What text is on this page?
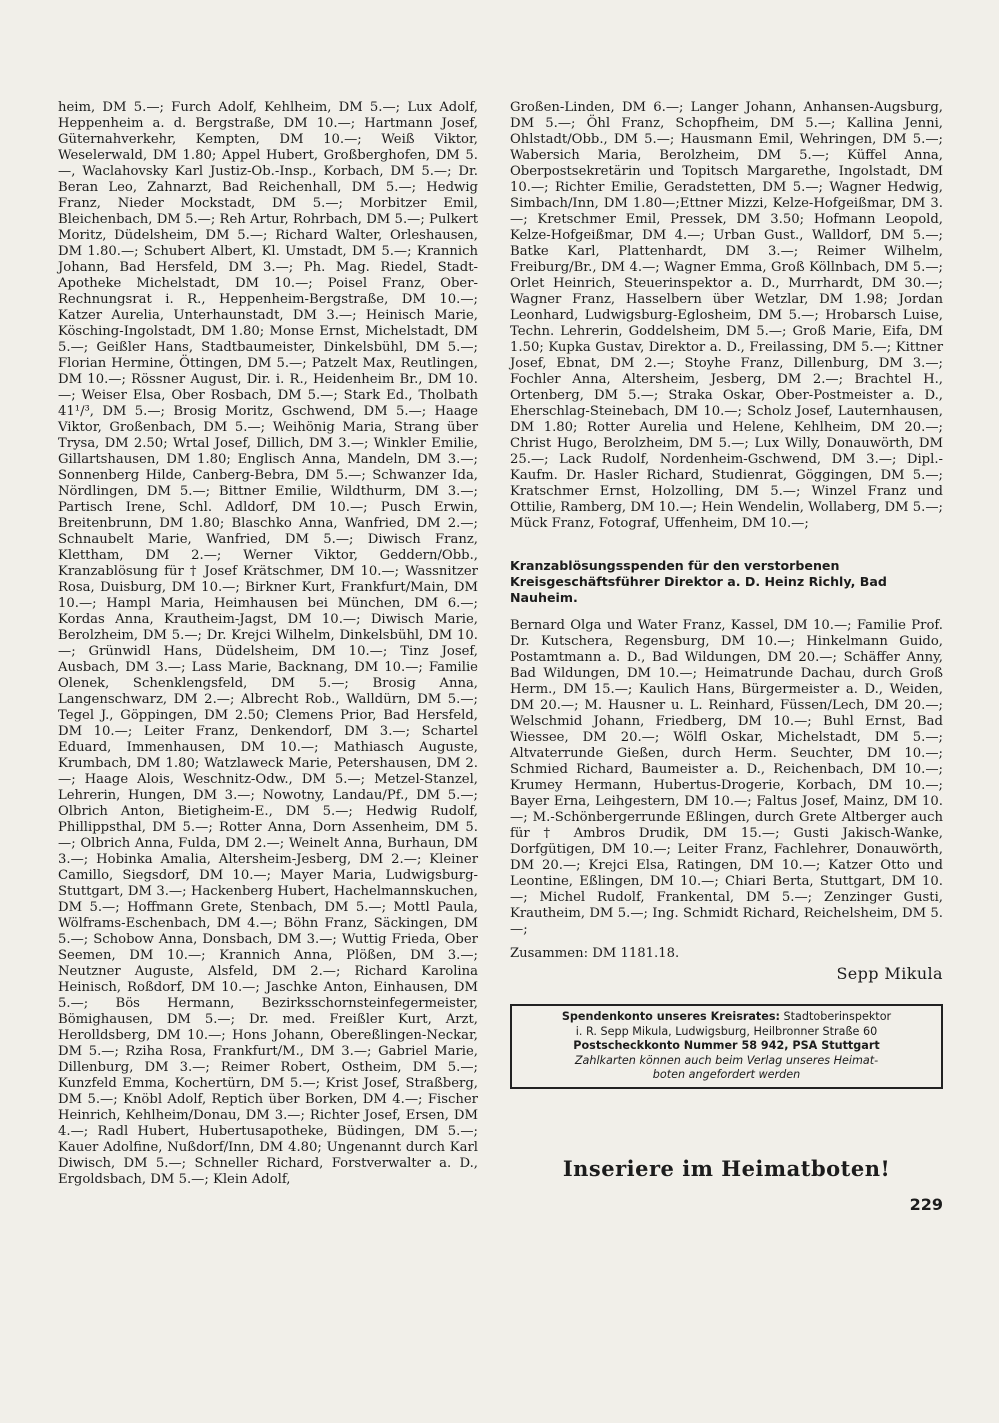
heim, DM 5.—; Furch Adolf, Kehlheim, DM 5.—; Lux Adolf, Heppenheim a. d. Bergstraße, DM 10.—; Hartmann Josef, Güternahverkehr, Kempten, DM 10.—; Weiß Viktor, Weselerwald, DM 1.80; Appel Hubert, Großberghofen, DM 5.—, Waclahovsky Karl Justiz-Ob.-Insp., Korbach, DM 5.—; Dr. Beran Leo, Zahnarzt, Bad Reichenhall, DM 5.—; Hedwig Franz, Nieder Mockstadt, DM 5.—; Morbitzer Emil, Bleichenbach, DM 5.—; Reh Artur, Rohrbach, DM 5.—; Pulkert Moritz, Düdelsheim, DM 5.—; Richard Walter, Orleshausen, DM 1.80.—; Schubert Albert, Kl. Umstadt, DM 5.—; Krannich Johann, Bad Hersfeld, DM 3.—; Ph. Mag. Riedel, Stadt-Apotheke Michelstadt, DM 10.—; Poisel Franz, Ober-Rechnungsrat i. R., Heppenheim-Bergstraße, DM 10.—; Katzer Aurelia, Unterhaunstadt, DM 3.—; Heinisch Marie, Kösching-Ingolstadt, DM 1.80; Monse Ernst, Michelstadt, DM 5.—; Geißler Hans, Stadtbaumeister, Dinkelsbühl, DM 5.—; Florian Hermine, Öttingen, DM 5.—; Patzelt Max, Reutlingen, DM 10.—; Rössner August, Dir. i. R., Heidenheim Br., DM 10.—; Weiser Elsa, Ober Rosbach, DM 5.—; Stark Ed., Tholbath 41¹/³, DM 5.—; Brosig Moritz, Gschwend, DM 5.—; Haage Viktor, Großenbach, DM 5.—; Weihönig Maria, Strang über Trysa, DM 2.50; Wrtal Josef, Dillich, DM 3.—; Winkler Emilie, Gillartshausen, DM 1.80; Englisch Anna, Mandeln, DM 3.—; Sonnenberg Hilde, Canberg-Bebra, DM 5.—; Schwanzer Ida, Nördlingen, DM 5.—; Bittner Emilie, Wildthurm, DM 3.—; Partisch Irene, Schl. Adldorf, DM 10.—; Pusch Erwin, Breitenbrunn, DM 1.80; Blaschko Anna, Wanfried, DM 2.—; Schnaubelt Marie, Wanfried, DM 5.—; Diwisch Franz, Klettham, DM 2.—; Werner Viktor, Geddern/Obb., Kranzablösung für † Josef Krätschmer, DM 10.—; Wassnitzer Rosa, Duisburg, DM 10.—; Birkner Kurt, Frankfurt/Main, DM 10.—; Hampl Maria, Heimhausen bei München, DM 6.—; Kordas Anna, Krautheim-Jagst, DM 10.—; Diwisch Marie, Berolzheim, DM 5.—; Dr. Krejci Wilhelm, Dinkelsbühl, DM 10.—; Grünwidl Hans, Düdelsheim, DM 10.—; Tinz Josef, Ausbach, DM 3.—; Lass Marie, Backnang, DM 10.—; Familie Olenek, Schenklengsfeld, DM 5.—; Brosig Anna, Langenschwarz, DM 2.—; Albrecht Rob., Walldürn, DM 5.—; Tegel J., Göppingen, DM 2.50; Clemens Prior, Bad Hersfeld, DM 10.—; Leiter Franz, Denkendorf, DM 3.—; Schartel Eduard, Immenhausen, DM 10.—; Mathiasch Auguste, Krumbach, DM 1.80; Watzlaweck Marie, Petershausen, DM 2.—; Haage Alois, Weschnitz-Odw., DM 5.—; Metzel-Stanzel, Lehrerin, Hungen, DM 3.—; Nowotny, Landau/Pf., DM 5.—; Olbrich Anton, Bietigheim-E., DM 5.—; Hedwig Rudolf, Phillippsthal, DM 5.—; Rotter Anna, Dorn Assenheim, DM 5.—; Olbrich Anna, Fulda, DM 2.—; Weinelt Anna, Burhaun, DM 3.—; Hobinka Amalia, Altersheim-Jesberg, DM 2.—; Kleiner Camillo, Siegsdorf, DM 10.—; Mayer Maria, Ludwigsburg-Stuttgart, DM 3.—; Hackenberg Hubert, Hachelmannskuchen, DM 5.—; Hoffmann Grete, Stenbach, DM 5.—; Mottl Paula, Wölframs-Eschenbach, DM 4.—; Böhn Franz, Säckingen, DM 5.—; Schobow Anna, Donsbach, DM 3.—; Wuttig Frieda, Ober Seemen, DM 10.—; Krannich Anna, Plößen, DM 3.—; Neutzner Auguste, Alsfeld, DM 2.—; Richard Karolina Heinisch, Roßdorf, DM 10.—; Jaschke Anton, Einhausen, DM 5.—; Bös Hermann, Bezirksschornsteinfegermeister, Bömighausen, DM 5.—; Dr. med. Freißler Kurt, Arzt, Herolldsberg, DM 10.—; Hons Johann, Obereßlingen-Neckar, DM 5.—; Rziha Rosa, Frankfurt/M., DM 3.—; Gabriel Marie, Dillenburg, DM 3.—; Reimer Robert, Ostheim, DM 5.—; Kunzfeld Emma, Kochertürn, DM 5.—; Krist Josef, Straßberg, DM 5.—; Knöbl Adolf, Reptich über Borken, DM 4.—; Fischer Heinrich, Kehlheim/Donau, DM 3.—; Richter Josef, Ersen, DM 4.—; Radl Hubert, Hubertusapotheke, Büdingen, DM 5.—; Kauer Adolfine, Nußdorf/Inn, DM 4.80; Ungenannt durch Karl Diwisch, DM 5.—; Schneller Richard, Forstverwalter a. D., Ergoldsbach, DM 5.—; Klein Adolf,

Großen-Linden, DM 6.—; Langer Johann, Anhansen-Augsburg, DM 5.—; Öhl Franz, Schopfheim, DM 5.—; Kallina Jenni, Ohlstadt/Obb., DM 5.—; Hausmann Emil, Wehringen, DM 5.—; Wabersich Maria, Berolzheim, DM 5.—; Küffel Anna, Oberpostsekretärin und Topitsch Margarethe, Ingolstadt, DM 10.—; Richter Emilie, Geradstetten, DM 5.—; Wagner Hedwig, Simbach/Inn, DM 1.80—;Ettner Mizzi, Kelze-Hofgeißmar, DM 3.—; Kretschmer Emil, Pressek, DM 3.50; Hofmann Leopold, Kelze-Hofgeißmar, DM 4.—; Urban Gust., Walldorf, DM 5.—; Batke Karl, Plattenhardt, DM 3.—; Reimer Wilhelm, Freiburg/Br., DM 4.—; Wagner Emma, Groß Köllnbach, DM 5.—; Orlet Heinrich, Steuerinspektor a. D., Murrhardt, DM 30.—; Wagner Franz, Hasselbern über Wetzlar, DM 1.98; Jordan Leonhard, Ludwigsburg-Eglosheim, DM 5.—; Hrobarsch Luise, Techn. Lehrerin, Goddelsheim, DM 5.—; Groß Marie, Eifa, DM 1.50; Kupka Gustav, Direktor a. D., Freilassing, DM 5.—; Kittner Josef, Ebnat, DM 2.—; Stoyhe Franz, Dillenburg, DM 3.—; Fochler Anna, Altersheim, Jesberg, DM 2.—; Brachtel H., Ortenberg, DM 5.—; Straka Oskar, Ober-Postmeister a. D., Eherschlag-Steinebach, DM 10.—; Scholz Josef, Lauternhausen, DM 1.80; Rotter Aurelia und Helene, Kehlheim, DM 20.—; Christ Hugo, Berolzheim, DM 5.—; Lux Willy, Donauwörth, DM 25.—; Lack Rudolf, Nordenheim-Gschwend, DM 3.—; Dipl.-Kaufm. Dr. Hasler Richard, Studienrat, Göggingen, DM 5.—; Kratschmer Ernst, Holzolling, DM 5.—; Winzel Franz und Ottilie, Ramberg, DM 10.—; Hein Wendelin, Wollaberg, DM 5.—; Mück Franz, Fotograf, Uffenheim, DM 10.—;

Kranzablösungsspenden für den verstorbenen Kreisgeschäftsführer Direktor a. D. Heinz Richly, Bad Nauheim.

Bernard Olga und Water Franz, Kassel, DM 10.—; Familie Prof. Dr. Kutschera, Regensburg, DM 10.—; Hinkelmann Guido, Postamtmann a. D., Bad Wildungen, DM 20.—; Schäffer Anny, Bad Wildungen, DM 10.—; Heimatrunde Dachau, durch Groß Herm., DM 15.—; Kaulich Hans, Bürgermeister a. D., Weiden, DM 20.—; M. Hausner u. L. Reinhard, Füssen/Lech, DM 20.—; Welschmid Johann, Friedberg, DM 10.—; Buhl Ernst, Bad Wiessee, DM 20.—; Wölfl Oskar, Michelstadt, DM 5.—; Altvaterrunde Gießen, durch Herm. Seuchter, DM 10.—; Schmied Richard, Baumeister a. D., Reichenbach, DM 10.—; Krumey Hermann, Hubertus-Drogerie, Korbach, DM 10.—; Bayer Erna, Leihgestern, DM 10.—; Faltus Josef, Mainz, DM 10.—; M.-Schönbergerrunde Eßlingen, durch Grete Altberger auch für † Ambros Drudik, DM 15.—; Gusti Jakisch-Wanke, Dorfgütigen, DM 10.—; Leiter Franz, Fachlehrer, Donauwörth, DM 20.—; Krejci Elsa, Ratingen, DM 10.—; Katzer Otto und Leontine, Eßlingen, DM 10.—; Chiari Berta, Stuttgart, DM 10.—; Michel Rudolf, Frankental, DM 5.—; Zenzinger Gusti, Krautheim, DM 5.—; Ing. Schmidt Richard, Reichelsheim, DM 5.—;

Zusammen: DM 1181.18.

Sepp Mikula

Spendenkonto unseres Kreisrates: Stadtoberinspektor
i. R. Sepp Mikula, Ludwigsburg, Heilbronner Straße 60
Postscheckkonto Nummer 58 942, PSA Stuttgart
Zahlkarten können auch beim Verlag unseres Heimat-
boten angefordert werden
Inseriere im Heimatboten!
229
